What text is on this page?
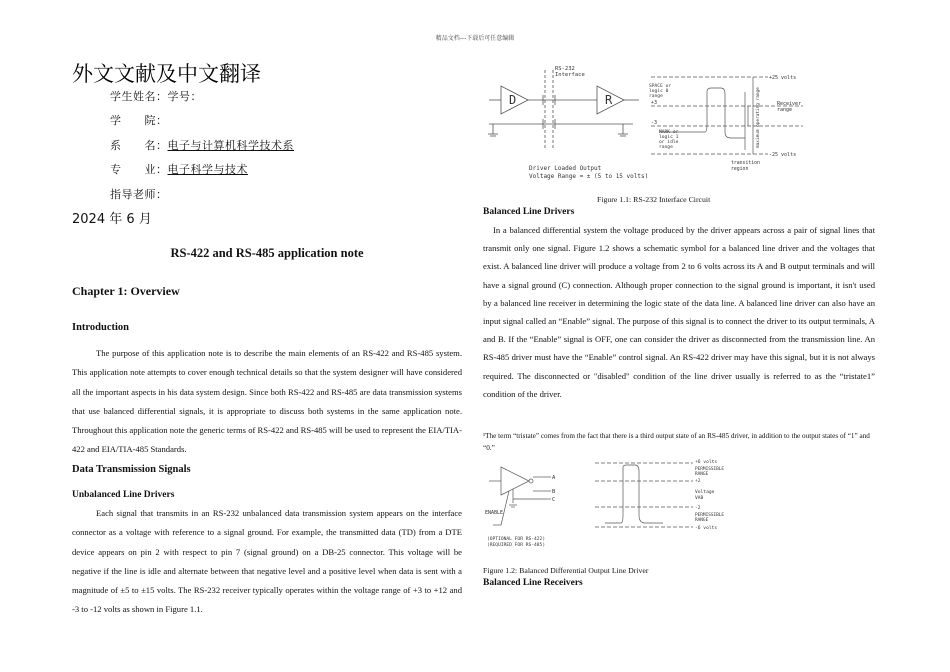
精品文档---下载后可任意编辑
外文文献及中文翻译
学生姓名：学号：
学　　院：
系　　名：电子与计算机科学技术系
专　　业：电子科学与技术
指导老师：
2024 年 6 月
RS-422 and RS-485 application note
Chapter 1: Overview
Introduction

The purpose of this application note is to describe the main elements of an RS-422 and RS-485 system. This application note attempts to cover enough technical details so that the system designer will have considered all the important aspects in his data system design. Since both RS-422 and RS-485 are data transmission systems that use balanced differential signals, it is appropriate to discuss both systems in the same application note. Throughout this application note the generic terms of RS-422 and RS-485 will be used to represent the EIA/TIA-422 and EIA/TIA-485 Standards.

Data Transmission Signals
Unbalanced Line Drivers

Each signal that transmits in an RS-232 unbalanced data transmission system appears on the interface connector as a voltage with reference to a signal ground. For example, the transmitted data (TD) from a DTE device appears on pin 2 with respect to pin 7 (signal ground) on a DB-25 connector. This voltage will be negative if the line is idle and alternate between that negative level and a positive level when data is sent with a magnitude of ±5 to ±15 volts. The RS-232 receiver typically operates within the voltage range of +3 to +12 and -3 to -12 volts as shown in Figure 1.1.

D	R
RS-232
Interface
Driver Loaded Output
Voltage Range = ± (5 to 15 volts)
+25 volts
+3
-3
-25 volts
SPACE or
logic 0
range
MARK or
logic 1
or idle
range
Receiver
range
maximum operating range
transition
region
Figure 1.1: RS-232 Interface Circuit
Balanced Line Drivers

In a balanced differential system the voltage produced by the driver appears across a pair of signal lines that transmit only one signal. Figure 1.2 shows a schematic symbol for a balanced line driver and the voltages that exist. A balanced line driver will produce a voltage from 2 to 6 volts across its A and B output terminals and will have a signal ground (C) connection. Although proper connection to the signal ground is important, it isn't used by a balanced line receiver in determining the logic state of the data line. A balanced line driver can also have an input signal called an “Enable” signal. The purpose of this signal is to connect the driver to its output terminals, A and B. If the “Enable” signal is OFF, one can consider the driver as disconnected from the transmission line. An RS-485 driver must have the “Enable” control signal. An RS-422 driver may have this signal, but it is not always required. The disconnected or "disabled" condition of the line driver usually is referred to as the “tristate1” condition of the driver.

¹The term “tristate” comes from the fact that there is a third output state of an RS-485 driver, in addition to the output states of “1” and “0.”
A
B
C
ENABLE
(OPTIONAL FOR RS-422)
(REQUIRED FOR RS-485)
+6 volts
PERMISSIBLE
RANGE
+2
Voltage
VAB
-2
PERMISSIBLE
RANGE
-6 volts
Figure 1.2: Balanced Differential Output Line Driver
Balanced Line Receivers
